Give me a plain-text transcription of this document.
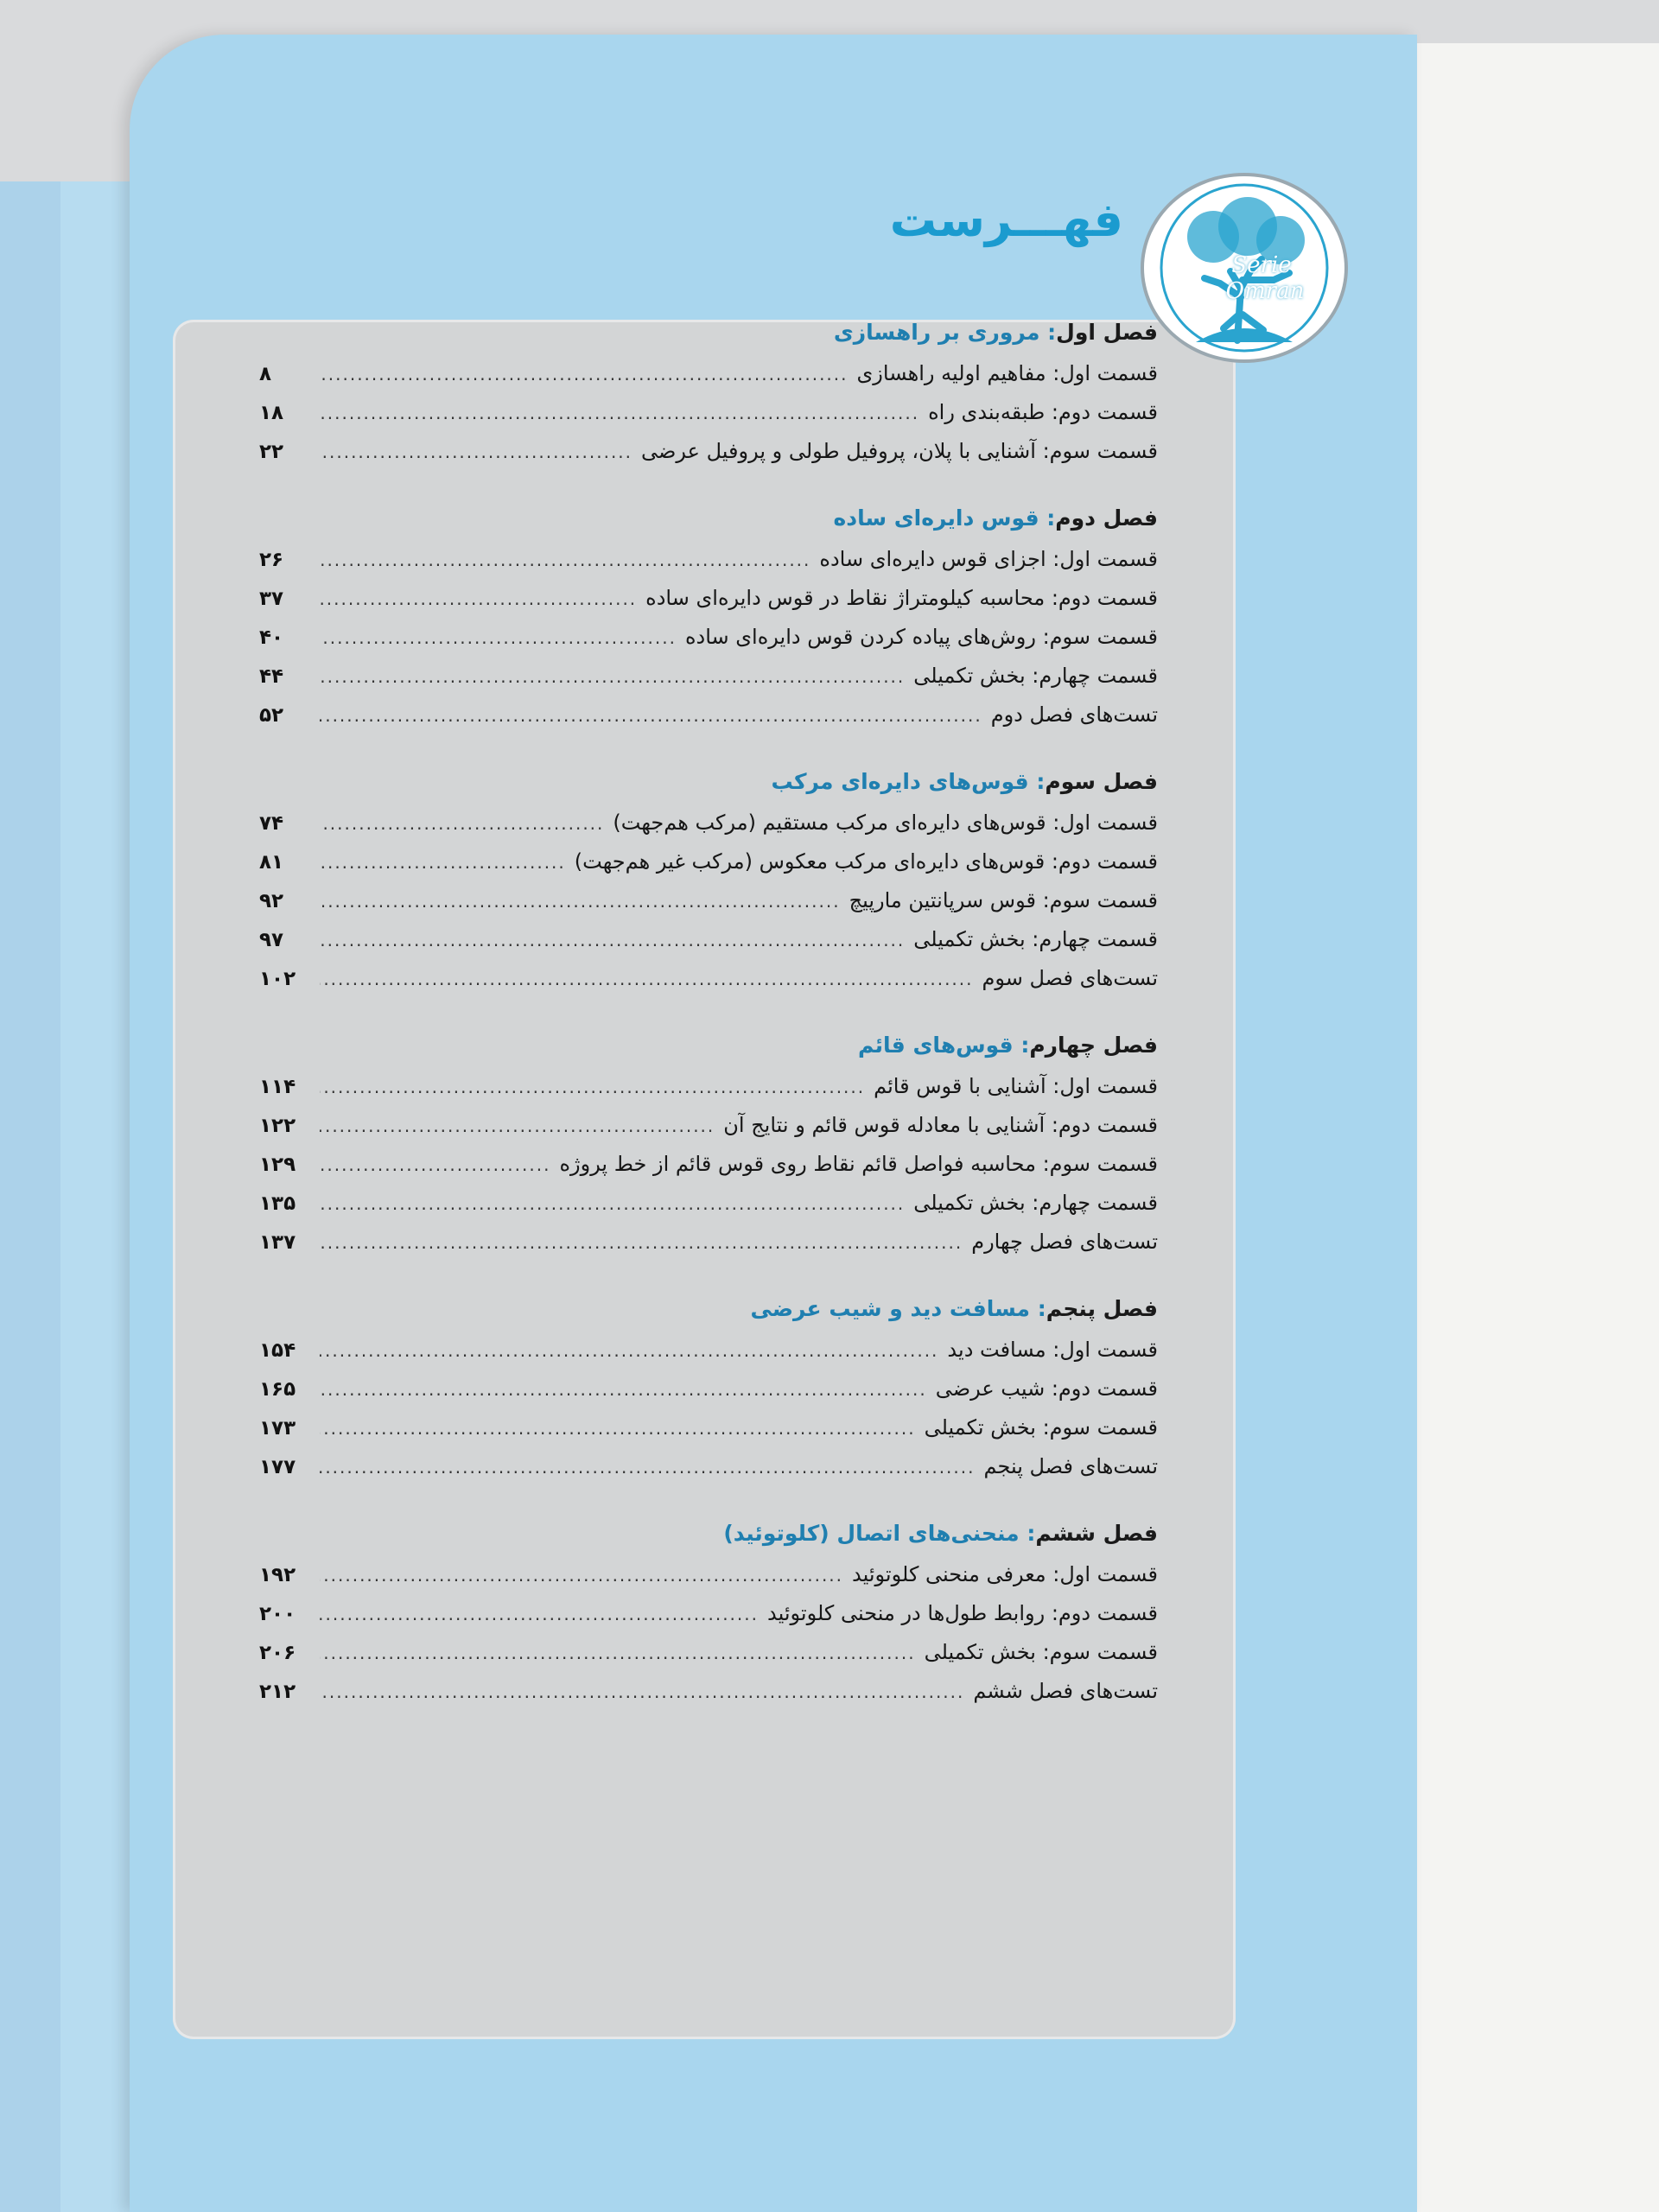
Serie
Omran
فهـــرست
فصل اول: مروری بر راهسازی
قسمت اول: مفاهیم اولیه راهسازی
.....
۸
قسمت دوم: طبقه‌بندی راه
.....
۱۸
قسمت سوم: آشنایی با پلان، پروفیل طولی و پروفیل عرضی
.....
۲۲
فصل دوم: قوس دایره‌ای ساده
قسمت اول: اجزای قوس دایره‌ای ساده
.....
۲۶
قسمت دوم: محاسبه کیلومتراژ نقاط در قوس دایره‌ای ساده
.....
۳۷
قسمت سوم: روش‌های پیاده کردن قوس دایره‌ای ساده
.....
۴۰
قسمت چهارم: بخش تکمیلی
.....
۴۴
تست‌های فصل دوم
.....
۵۲
فصل سوم: قوس‌های دایره‌ای مرکب
قسمت اول: قوس‌های دایره‌ای مرکب مستقیم (مرکب هم‌جهت)
.....
۷۴
قسمت دوم: قوس‌های دایره‌ای مرکب معکوس (مرکب غیر هم‌جهت)
.....
۸۱
قسمت سوم: قوس سرپانتین مارپیچ
.....
۹۲
قسمت چهارم: بخش تکمیلی
.....
۹۷
تست‌های فصل سوم
.....
۱۰۲
فصل چهارم: قوس‌های قائم
قسمت اول: آشنایی با قوس قائم
.....
۱۱۴
قسمت دوم: آشنایی با معادله قوس قائم و نتایج آن
.....
۱۲۲
قسمت سوم: محاسبه فواصل قائم نقاط روی قوس قائم از خط پروژه
.....
۱۲۹
قسمت چهارم: بخش تکمیلی
.....
۱۳۵
تست‌های فصل چهارم
.....
۱۳۷
فصل پنجم: مسافت دید و شیب عرضی
قسمت اول: مسافت دید
.....
۱۵۴
قسمت دوم: شیب عرضی
.....
۱۶۵
قسمت سوم: بخش تکمیلی
.....
۱۷۳
تست‌های فصل پنجم
.....
۱۷۷
فصل ششم: منحنی‌های اتصال (کلوتوئید)
قسمت اول: معرفی منحنی کلوتوئید
.....
۱۹۲
قسمت دوم: روابط طول‌ها در منحنی کلوتوئید
.....
۲۰۰
قسمت سوم: بخش تکمیلی
.....
۲۰۶
تست‌های فصل ششم
.....
۲۱۲
